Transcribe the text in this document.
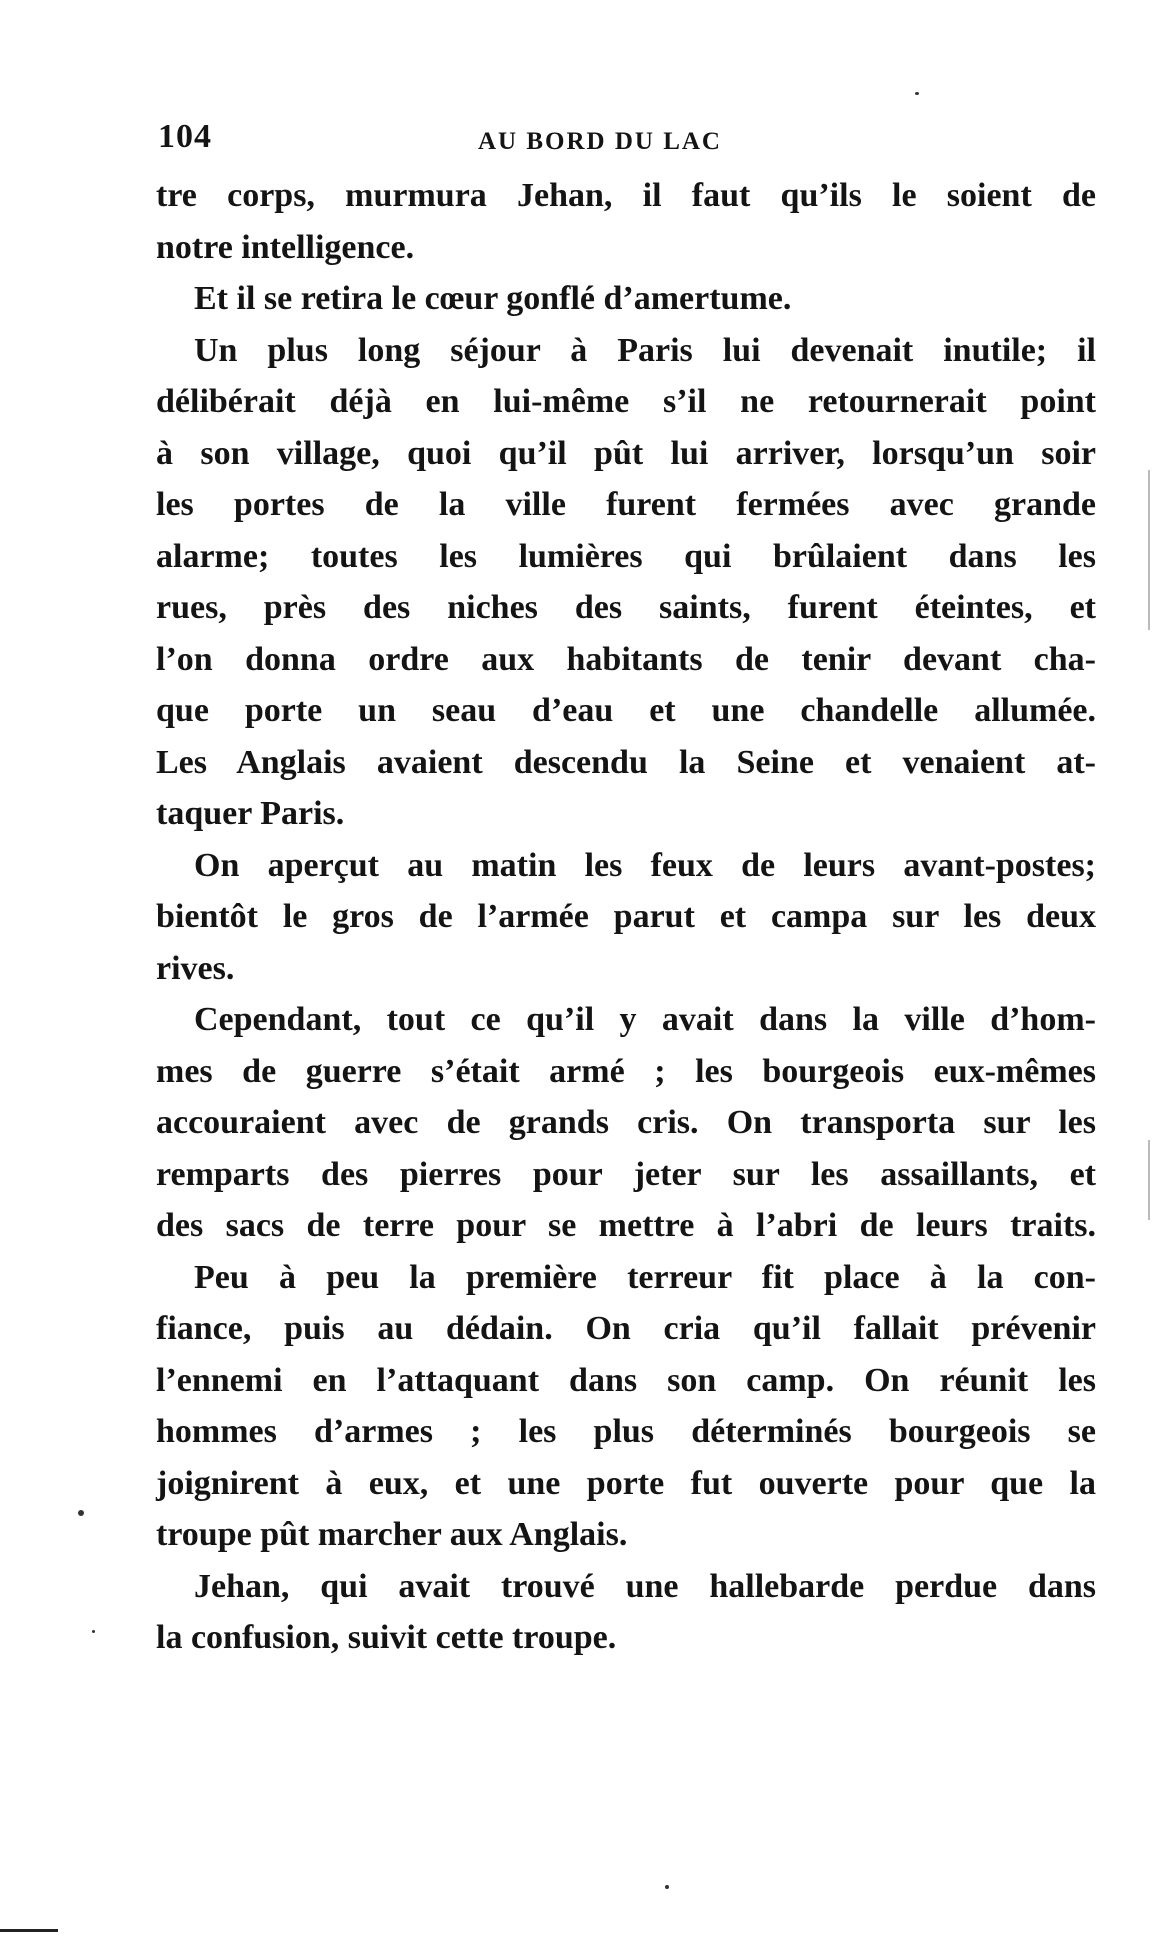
104	AU BORD DU LAC
tre corps, murmura Jehan, il faut qu’ils le soient de
notre intelligence.
Et il se retira le cœur gonflé d’amertume.
Un plus long séjour à Paris lui devenait inutile; il
délibérait déjà en lui-même s’il ne retournerait point
à son village, quoi qu’il pût lui arriver, lorsqu’un soir
les portes de la ville furent fermées avec grande
alarme; toutes les lumières qui brûlaient dans les
rues, près des niches des saints, furent éteintes, et
l’on donna ordre aux habitants de tenir devant cha-
que porte un seau d’eau et une chandelle allumée.
Les Anglais avaient descendu la Seine et venaient at-
taquer Paris.
On aperçut au matin les feux de leurs avant-postes;
bientôt le gros de l’armée parut et campa sur les deux
rives.
Cependant, tout ce qu’il y avait dans la ville d’hom-
mes de guerre s’était armé ; les bourgeois eux-mêmes
accouraient avec de grands cris. On transporta sur les
remparts des pierres pour jeter sur les assaillants, et
des sacs de terre pour se mettre à l’abri de leurs traits.
Peu à peu la première terreur fit place à la con-
fiance, puis au dédain. On cria qu’il fallait prévenir
l’ennemi en l’attaquant dans son camp. On réunit les
hommes d’armes ; les plus déterminés bourgeois se
joignirent à eux, et une porte fut ouverte pour que la
troupe pût marcher aux Anglais.
Jehan, qui avait trouvé une hallebarde perdue dans
la confusion, suivit cette troupe.
